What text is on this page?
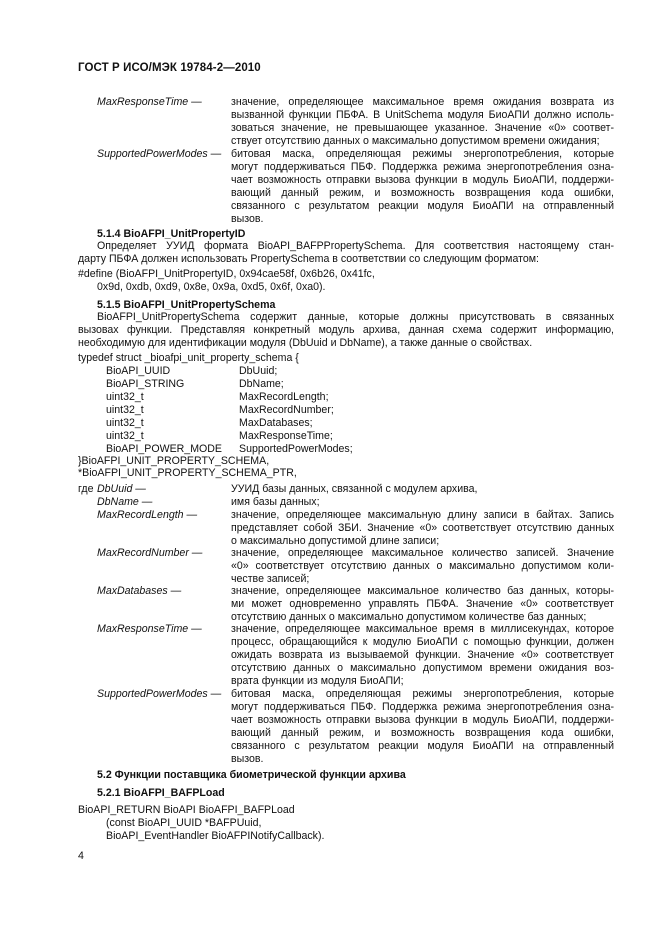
ГОСТ Р ИСО/МЭК 19784-2—2010
MaxResponseTime —	значение, определяющее максимальное время ожидания возврата из
вызванной функции ПБФА. В UnitSchema модуля БиоАПИ должно исполь-
зоваться значение, не превышающее указанное. Значение «0» соответ-
ствует отсутствию данных о максимально допустимом времени ожидания;
SupportedPowerModes — битовая маска, определяющая режимы энергопотребления, которые
могут поддерживаться ПБФ. Поддержка режима энергопотребления озна-
чает возможность отправки вызова функции в модуль БиоАПИ, поддержи-
вающий данный режим, и возможность возвращения кода ошибки,
связанного с результатом реакции модуля БиоАПИ на отправленный
вызов.
5.1.4 BioAFPI_UnitPropertyID
Определяет УУИД формата BioAPI_BAFPPropertySchema. Для соответствия настоящему стан-
дарту ПБФА должен использовать PropertySchema в соответствии со следующим форматом:
#define (BioAFPI_UnitPropertyID, 0x94cae58f, 0x6b26, 0x41fc,
0x9d, 0xdb, 0xd9, 0x8e, 0x9a, 0xd5, 0x6f, 0xa0).
5.1.5 BioAFPI_UnitPropertySchema
BioAFPI_UnitPropertySchema содержит данные, которые должны присутствовать в связанных
вызовах функции. Представляя конкретный модуль архива, данная схема содержит информацию,
необходимую для идентификации модуля (DbUuid и DbName), а также данные о свойствах.
typedef struct _bioafpi_unit_property_schema {
BioAPI_UUID	DbUuid;
BioAPI_STRING	DbName;
uint32_t	MaxRecordLength;
uint32_t	MaxRecordNumber;
uint32_t	MaxDatabases;
uint32_t	MaxResponseTime;
BioAPI_POWER_MODE SupportedPowerModes;
}BioAFPI_UNIT_PROPERTY_SCHEMA,
*BioAFPI_UNIT_PROPERTY_SCHEMA_PTR,
где DbUuid —	УУИД базы данных, связанной с модулем архива,
DbName —	имя базы данных;
MaxRecordLength —	значение, определяющее максимальную длину записи в байтах. Запись
представляет собой ЗБИ. Значение «0» соответствует отсутствию данных
о максимально допустимой длине записи;
MaxRecordNumber —	значение, определяющее максимальное количество записей. Значение
«0» соответствует отсутствию данных о максимально допустимом коли-
честве записей;
MaxDatabases —	значение, определяющее максимальное количество баз данных, которы-
ми может одновременно управлять ПБФА. Значение «0» соответствует
отсутствию данных о максимально допустимом количестве баз данных;
MaxResponseTime —	значение, определяющее максимальное время в миллисекундах, которое
процесс, обращающийся к модулю БиоАПИ с помощью функции, должен
ожидать возврата из вызываемой функции. Значение «0» соответствует
отсутствию данных о максимально допустимом времени ожидания воз-
врата функции из модуля БиоАПИ;
SupportedPowerModes — битовая маска, определяющая режимы энергопотребления, которые
могут поддерживаться ПБФ. Поддержка режима энергопотребления озна-
чает возможность отправки вызова функции в модуль БиоАПИ, поддержи-
вающий данный режим, и возможность возвращения кода ошибки,
связанного с результатом реакции модуля БиоАПИ на отправленный
вызов.
5.2 Функции поставщика биометрической функции архива
5.2.1 BioAFPI_BAFPLoad
BioAPI_RETURN BioAPI BioAFPI_BAFPLoad
(const BioAPI_UUID *BAFPUuid,
BioAPI_EventHandler BioAFPINotifyCallback).
4
